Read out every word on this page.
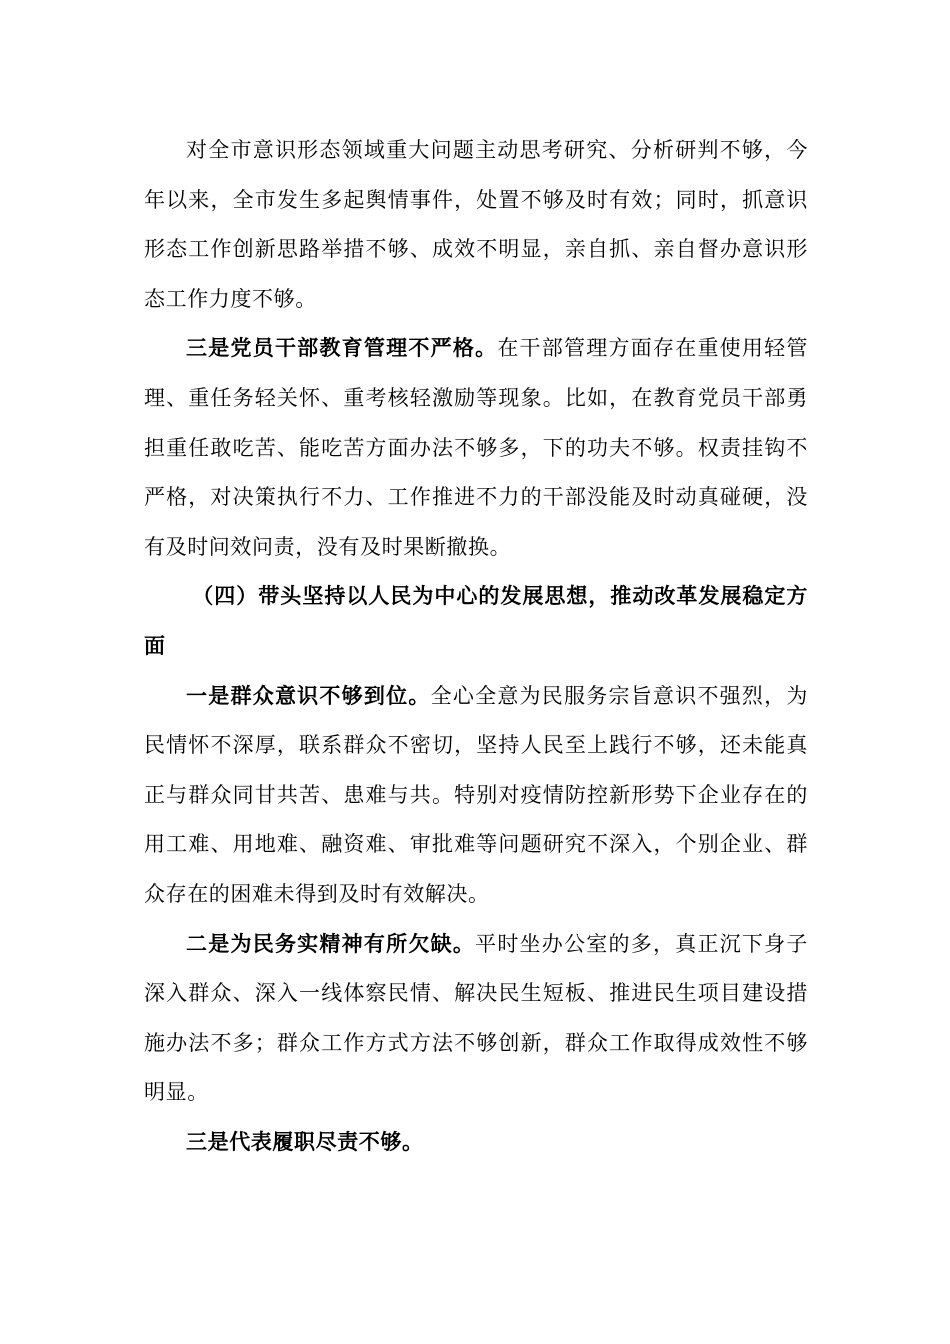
对全市意识形态领域重大问题主动思考研究、分析研判不够，今年以来，全市发生多起舆情事件，处置不够及时有效；同时，抓意识形态工作创新思路举措不够、成效不明显，亲自抓、亲自督办意识形态工作力度不够。

三是党员干部教育管理不严格。在干部管理方面存在重使用轻管理、重任务轻关怀、重考核轻激励等现象。比如，在教育党员干部勇担重任敢吃苦、能吃苦方面办法不够多，下的功夫不够。权责挂钩不严格，对决策执行不力、工作推进不力的干部没能及时动真碰硬，没有及时问效问责，没有及时果断撤换。

（四）带头坚持以人民为中心的发展思想，推动改革发展稳定方面

一是群众意识不够到位。全心全意为民服务宗旨意识不强烈，为民情怀不深厚，联系群众不密切，坚持人民至上践行不够，还未能真正与群众同甘共苦、患难与共。特别对疫情防控新形势下企业存在的用工难、用地难、融资难、审批难等问题研究不深入，个别企业、群众存在的困难未得到及时有效解决。

二是为民务实精神有所欠缺。平时坐办公室的多，真正沉下身子深入群众、深入一线体察民情、解决民生短板、推进民生项目建设措施办法不多；群众工作方式方法不够创新，群众工作取得成效性不够明显。

三是代表履职尽责不够。
